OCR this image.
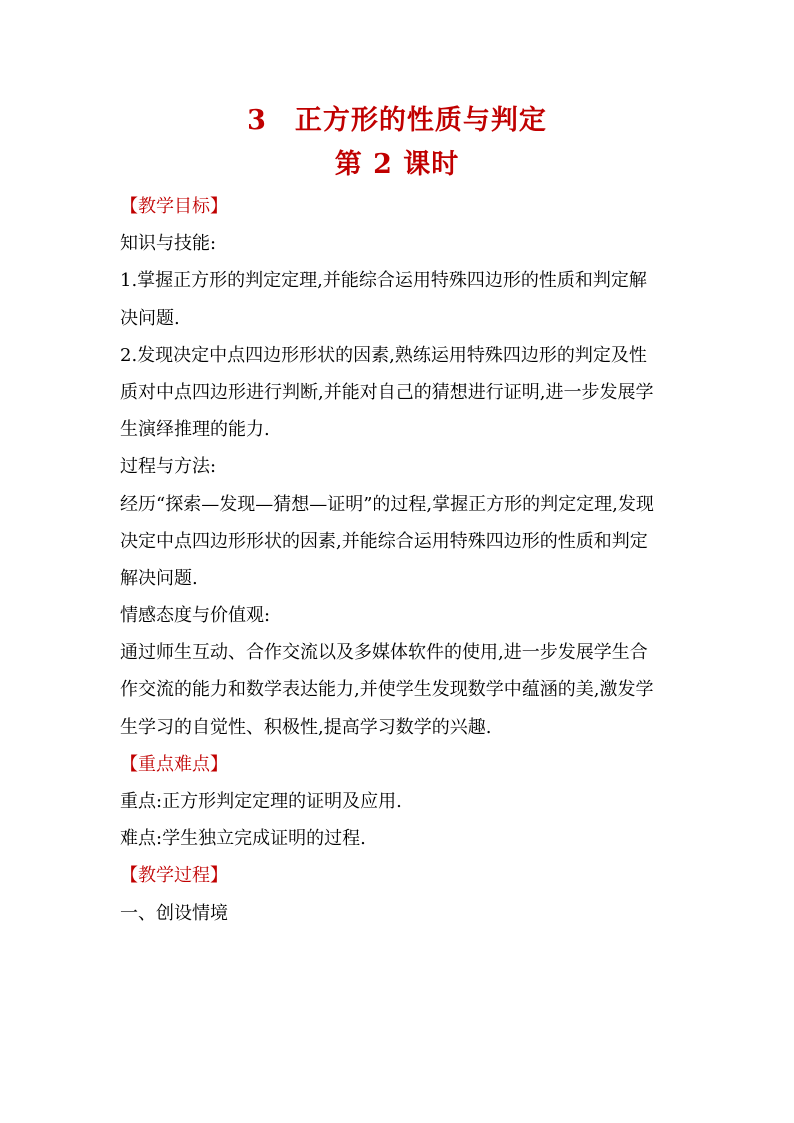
3　正方形的性质与判定
第 2 课时
【教学目标】
知识与技能:
1.掌握正方形的判定定理,并能综合运用特殊四边形的性质和判定解
决问题.
2.发现决定中点四边形形状的因素,熟练运用特殊四边形的判定及性
质对中点四边形进行判断,并能对自己的猜想进行证明,进一步发展学
生演绎推理的能力.
过程与方法:
经历“探索—发现—猜想—证明”的过程,掌握正方形的判定定理,发现
决定中点四边形形状的因素,并能综合运用特殊四边形的性质和判定
解决问题.
情感态度与价值观:
通过师生互动、合作交流以及多媒体软件的使用,进一步发展学生合
作交流的能力和数学表达能力,并使学生发现数学中蕴涵的美,激发学
生学习的自觉性、积极性,提高学习数学的兴趣.
【重点难点】
重点:正方形判定定理的证明及应用.
难点:学生独立完成证明的过程.
【教学过程】
一、创设情境
